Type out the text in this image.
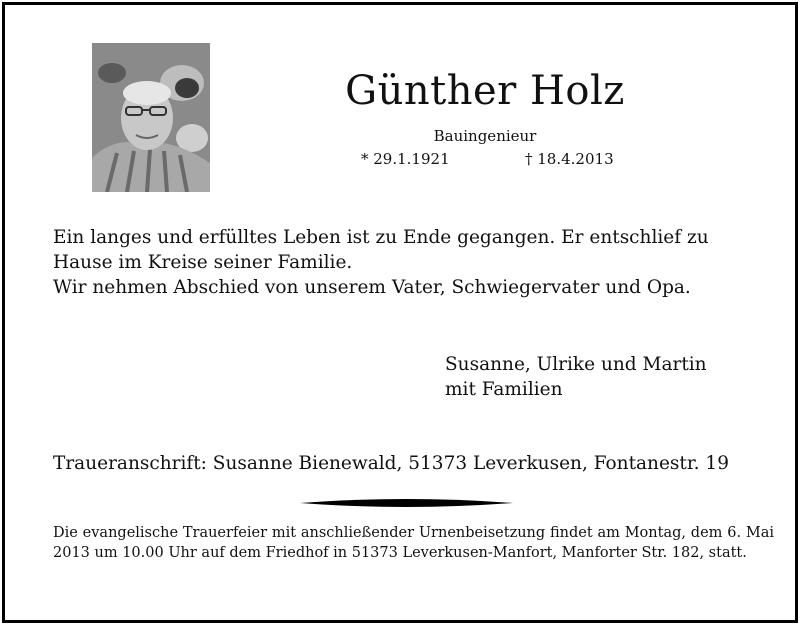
Günther Holz
Bauingenieur
* 29.1.1921	† 18.4.2013

Ein langes und erfülltes Leben ist zu Ende gegangen. Er entschlief zu Hause im Kreise seiner Familie.

Wir nehmen Abschied von unserem Vater, Schwiegervater und Opa.

Susanne, Ulrike und Martin
mit Familien
Traueranschrift: Susanne Bienewald, 51373 Leverkusen, Fontanestr. 19
Die evangelische Trauerfeier mit anschließender Urnenbeisetzung findet am Montag, dem 6. Mai 2013 um 10.00 Uhr auf dem Friedhof in 51373 Leverkusen-Manfort, Manforter Str. 182, statt.
